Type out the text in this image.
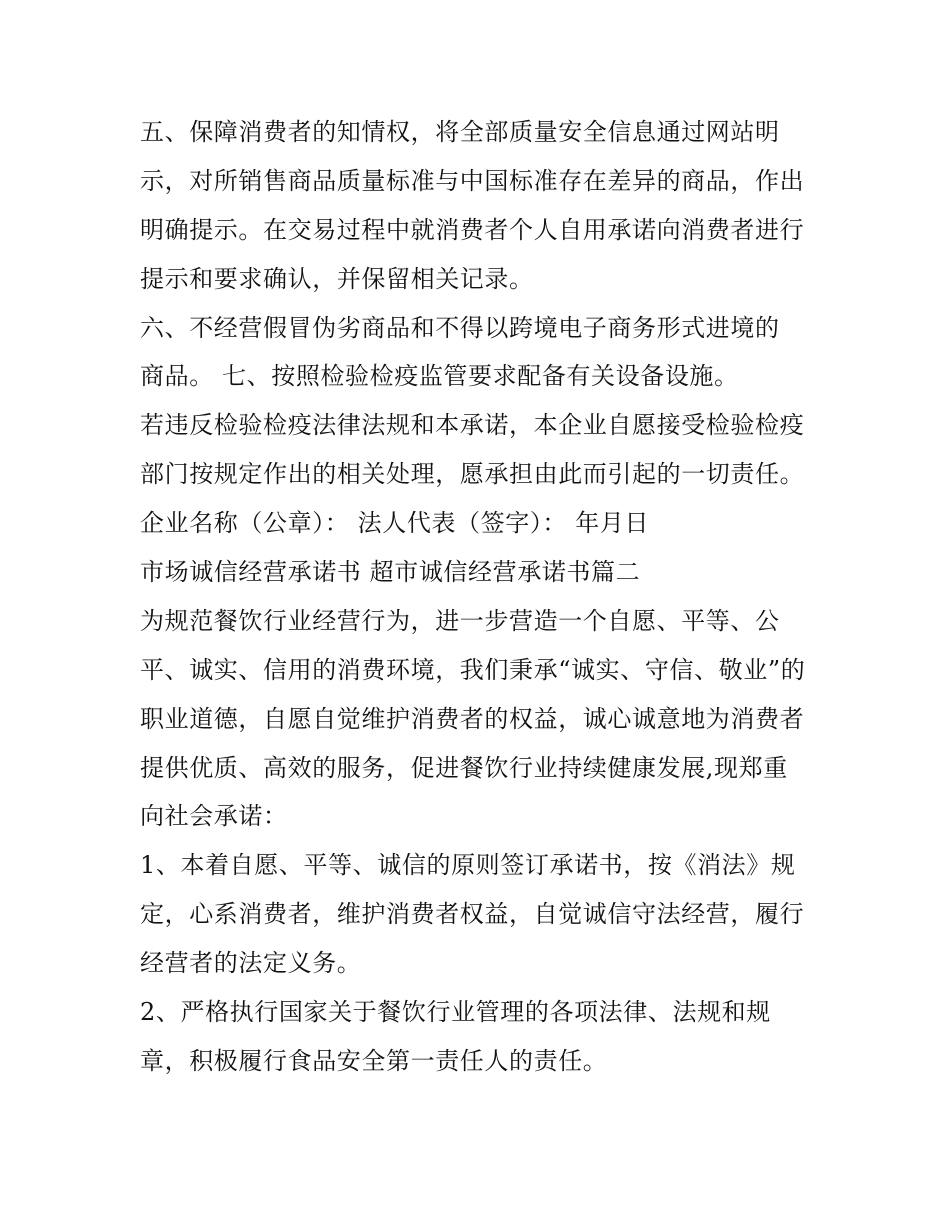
五、保障消费者的知情权，将全部质量安全信息通过网站明
示，对所销售商品质量标准与中国标准存在差异的商品，作出
明确提示。在交易过程中就消费者个人自用承诺向消费者进行
提示和要求确认，并保留相关记录。
六、不经营假冒伪劣商品和不得以跨境电子商务形式进境的
商品。 七、按照检验检疫监管要求配备有关设备设施。
若违反检验检疫法律法规和本承诺，本企业自愿接受检验检疫
部门按规定作出的相关处理，愿承担由此而引起的一切责任。
企业名称（公章）： 法人代表（签字）： 年月日
市场诚信经营承诺书 超市诚信经营承诺书篇二
为规范餐饮行业经营行为，进一步营造一个自愿、平等、公
平、诚实、信用的消费环境，我们秉承“诚实、守信、敬业”的
职业道德，自愿自觉维护消费者的权益，诚心诚意地为消费者
提供优质、高效的服务，促进餐饮行业持续健康发展,现郑重
向社会承诺：
1、本着自愿、平等、诚信的原则签订承诺书，按《消法》规
定，心系消费者，维护消费者权益，自觉诚信守法经营，履行
经营者的法定义务。
2、严格执行国家关于餐饮行业管理的各项法律、法规和规
章，积极履行食品安全第一责任人的责任。
